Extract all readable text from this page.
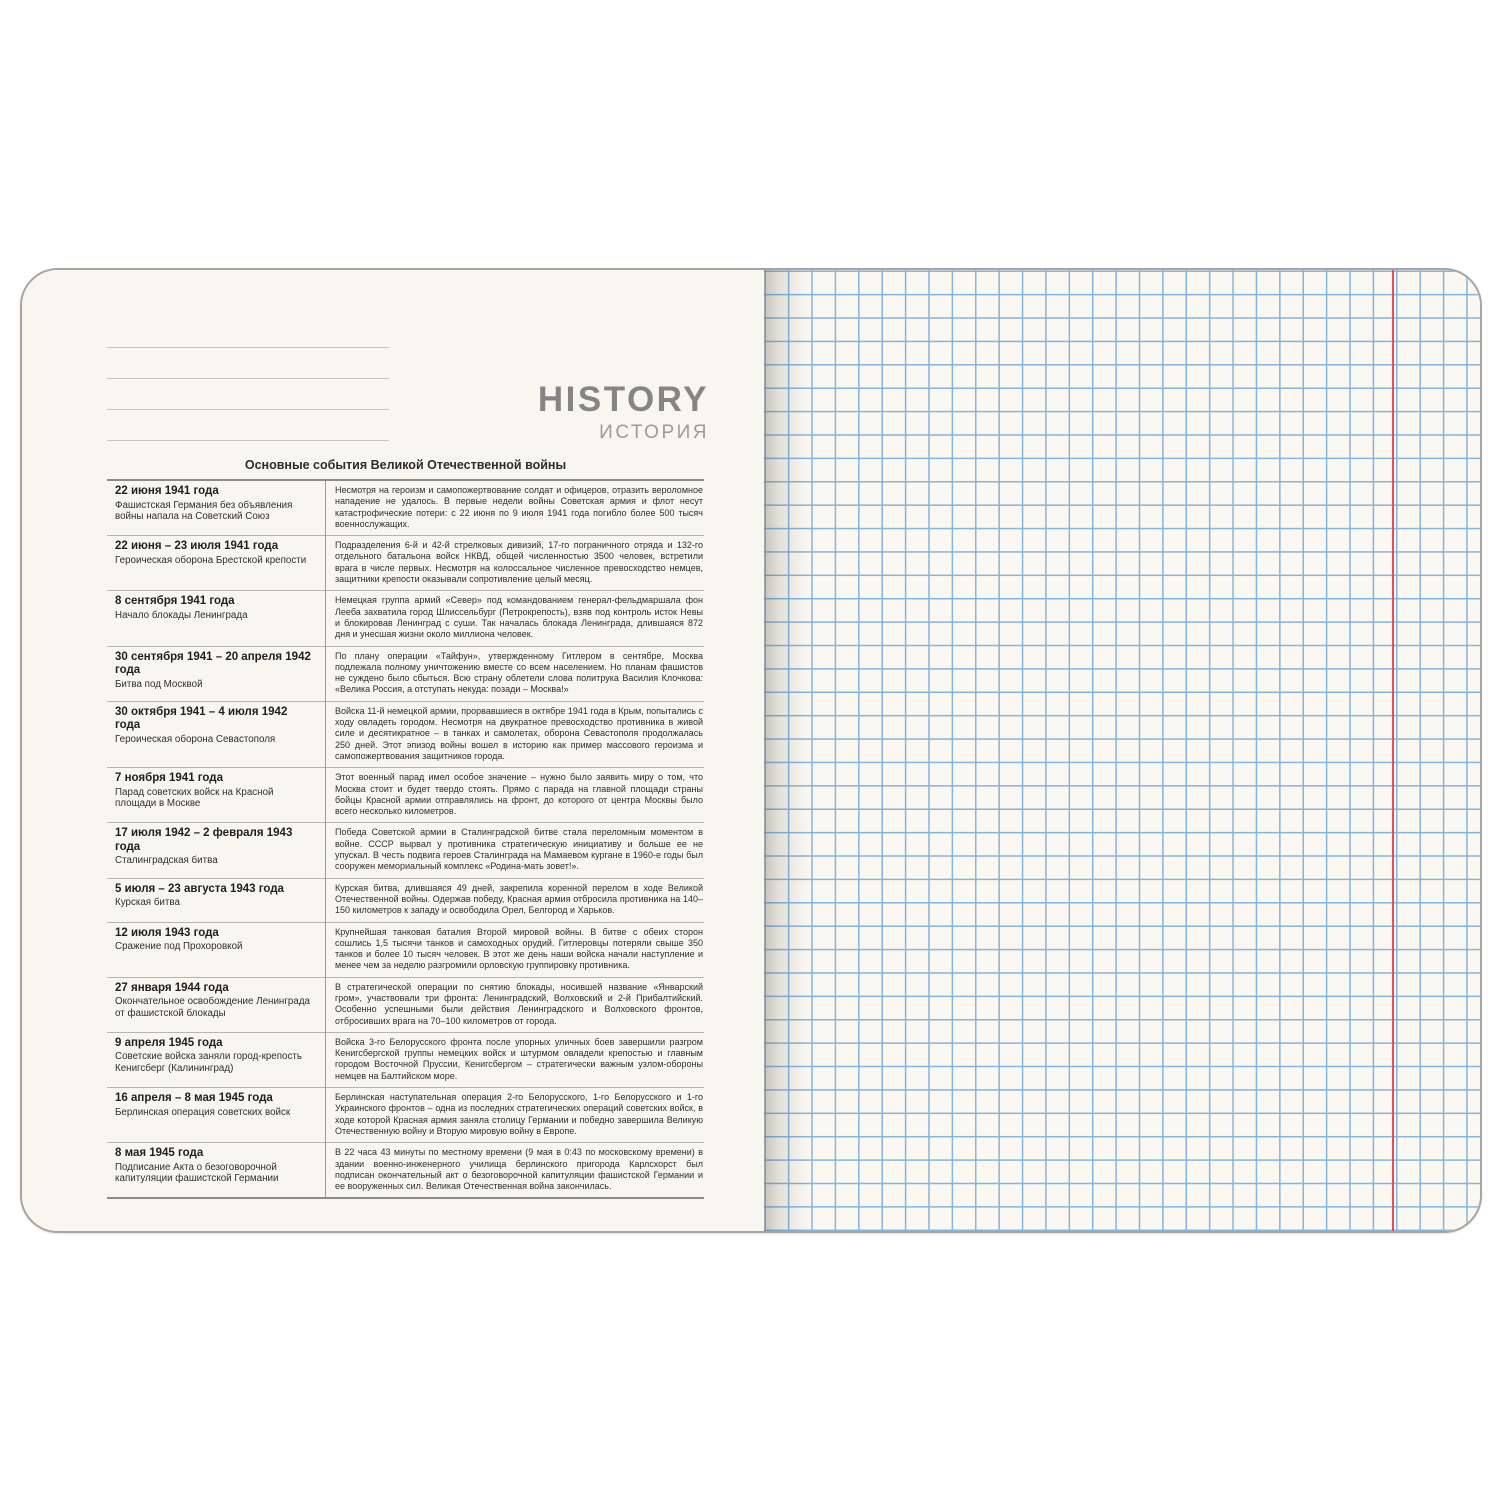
HISTORY
ИСТОРИЯ
Основные события Великой Отечественной войны
22 июня 1941 года
Фашистская Германия без объявления войны напала на Советский Союз	Несмотря на героизм и самопожертвование солдат и офицеров, отразить вероломное нападение не удалось. В первые недели войны Советская армия и флот несут катастрофические потери: с 22 июня по 9 июля 1941 года погибло более 500 тысяч военнослужащих.

22 июня – 23 июля 1941 года
Героическая оборона Брестской крепости	Подразделения 6-й и 42-й стрелковых дивизий, 17-го пограничного отряда и 132-го отдельного батальона войск НКВД, общей численностью 3500 человек, встретили врага в числе первых. Несмотря на колоссальное численное превосходство немцев, защитники крепости оказывали сопротивление целый месяц.

8 сентября 1941 года
Начало блокады Ленинграда	Немецкая группа армий «Север» под командованием генерал-фельдмаршала фон Лееба захватила город Шлиссельбург (Петрокрепость), взяв под контроль исток Невы и блокировав Ленинград с суши. Так началась блокада Ленинграда, длившаяся 872 дня и унесшая жизни около миллиона человек.

30 сентября 1941 – 20 апреля 1942 года
Битва под Москвой	По плану операции «Тайфун», утвержденному Гитлером в сентябре, Москва подлежала полному уничтожению вместе со всем населением. Но планам фашистов не суждено было сбыться. Всю страну облетели слова политрука Василия Клочкова: «Велика Россия, а отступать некуда: позади – Москва!»

30 октября 1941 – 4 июля 1942 года
Героическая оборона Севастополя	Войска 11-й немецкой армии, прорвавшиеся в октябре 1941 года в Крым, попытались с ходу овладеть городом. Несмотря на двукратное превосходство противника в живой силе и десятикратное – в танках и самолетах, оборона Севастополя продолжалась 250 дней. Этот эпизод войны вошел в историю как пример массового героизма и самопожертвования защитников города.

7 ноября 1941 года
Парад советских войск на Красной площади в Москве	Этот военный парад имел особое значение – нужно было заявить миру о том, что Москва стоит и будет твердо стоять. Прямо с парада на главной площади страны бойцы Красной армии отправлялись на фронт, до которого от центра Москвы было всего несколько километров.

17 июля 1942 – 2 февраля 1943 года
Сталинградская битва	Победа Советской армии в Сталинградской битве стала переломным моментом в войне. СССР вырвал у противника стратегическую инициативу и больше ее не упускал. В честь подвига героев Сталинграда на Мамаевом кургане в 1960-е годы был сооружен мемориальный комплекс «Родина-мать зовет!».

5 июля – 23 августа 1943 года
Курская битва	Курская битва, длившаяся 49 дней, закрепила коренной перелом в ходе Великой Отечественной войны. Одержав победу, Красная армия отбросила противника на 140–150 километров к западу и освободила Орел, Белгород и Харьков.

12 июля 1943 года
Сражение под Прохоровкой	Крупнейшая танковая баталия Второй мировой войны. В битве с обеих сторон сошлись 1,5 тысячи танков и самоходных орудий. Гитлеровцы потеряли свыше 350 танков и более 10 тысяч человек. В этот же день наши войска начали наступление и менее чем за неделю разгромили орловскую группировку противника.

27 января 1944 года
Окончательное освобождение Ленинграда от фашистской блокады	В стратегической операции по снятию блокады, носившей название «Январский гром», участвовали три фронта: Ленинградский, Волховский и 2-й Прибалтийский. Особенно успешными были действия Ленинградского и Волховского фронтов, отбросивших врага на 70–100 километров от города.

9 апреля 1945 года
Советские войска заняли город-крепость Кенигсберг (Калининград)	Войска 3-го Белорусского фронта после упорных уличных боев завершили разгром Кенигсбергской группы немецких войск и штурмом овладели крепостью и главным городом Восточной Пруссии, Кенигсбергом – стратегически важным узлом-обороны немцев на Балтийском море.

16 апреля – 8 мая 1945 года
Берлинская операция советских войск	Берлинская наступательная операция 2-го Белорусского, 1-го Белорусского и 1-го Украинского фронтов – одна из последних стратегических операций советских войск, в ходе которой Красная армия заняла столицу Германии и победно завершила Великую Отечественную войну и Вторую мировую войну в Европе.

8 мая 1945 года
Подписание Акта о безоговорочной капитуляции фашистской Германии	В 22 часа 43 минуты по местному времени (9 мая в 0:43 по московскому времени) в здании военно-инженерного училища берлинского пригорода Карлсхорст был подписан окончательный акт о безоговорочной капитуляции фашистской Германии и ее вооруженных сил. Великая Отечественная война закончилась.
